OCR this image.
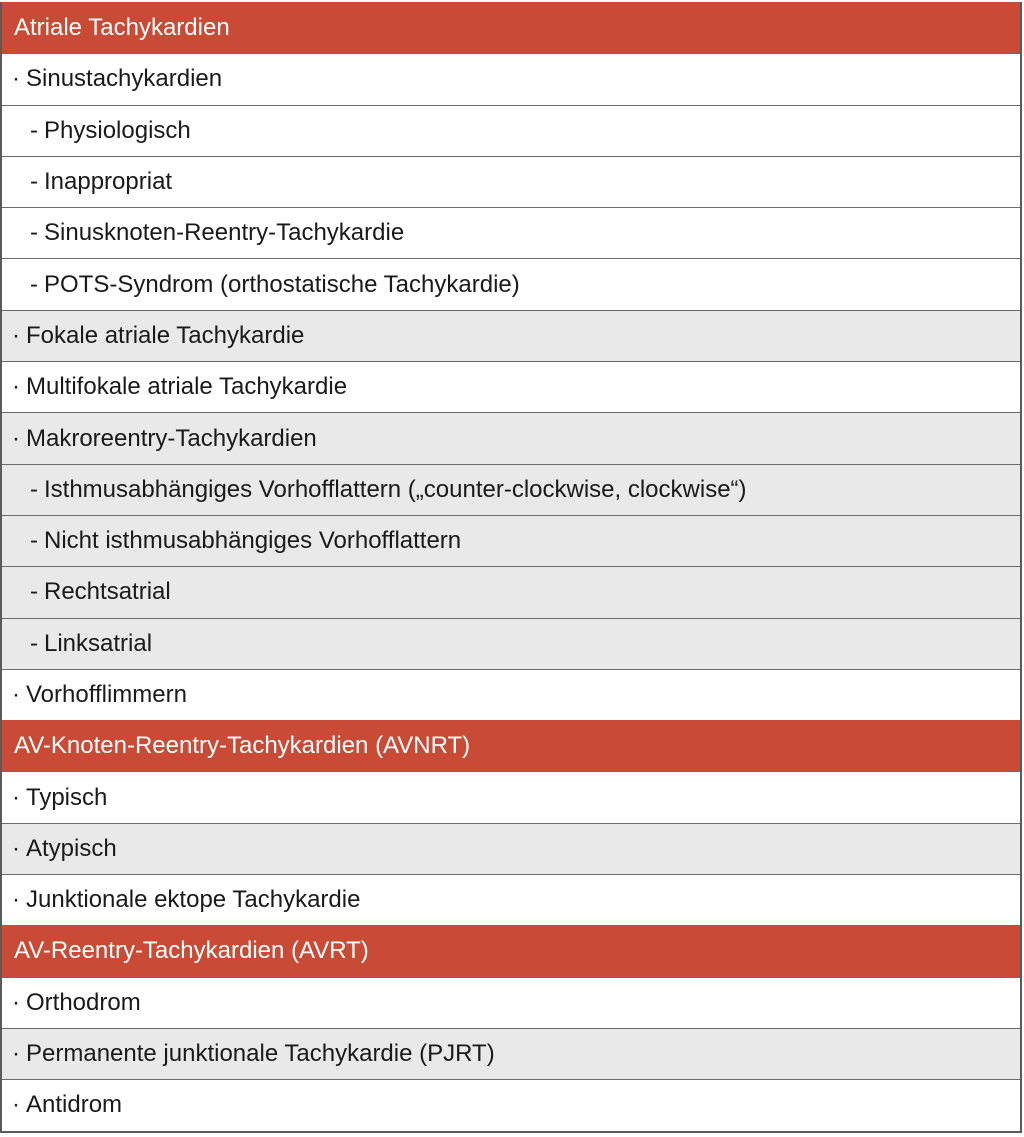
Atriale Tachykardien
· Sinustachykardien
- Physiologisch
- Inappropriat
- Sinusknoten-Reentry-Tachykardie
- POTS-Syndrom (orthostatische Tachykardie)
· Fokale atriale Tachykardie
· Multifokale atriale Tachykardie
· Makroreentry-Tachykardien
- Isthmusabhängiges Vorhofflattern („counter-clockwise, clockwise“)
- Nicht isthmusabhängiges Vorhofflattern
- Rechtsatrial
- Linksatrial
· Vorhofflimmern
AV-Knoten-Reentry-Tachykardien (AVNRT)
· Typisch
· Atypisch
· Junktionale ektope Tachykardie
AV-Reentry-Tachykardien (AVRT)
· Orthodrom
· Permanente junktionale Tachykardie (PJRT)
· Antidrom
